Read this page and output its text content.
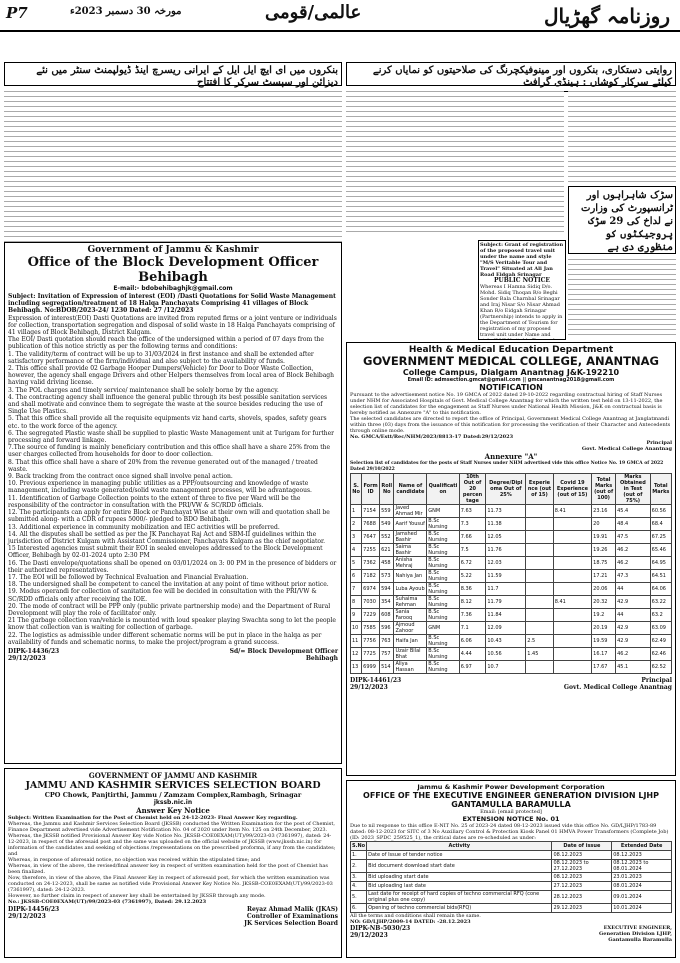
P7	مورخہ 30 دسمبر 2023ء	عالمی/قومی	روزنامہ گھڑیال
روایتی دستکاری، بنکروں اور مینوفیکچرنگ کی صلاحیتوں کو نمایاں کرنے کیلئے سرکار کوشاں : ہینڈی گرافٹ
بنکروں میں ای ایچ ایل ایل کے ایرانی ریسرچ اینڈ ڈیولپمنٹ سنٹر میں نئے دیزائن اور سپسٹ سرکر کا افتتاح
سڑک شاہراہوں اور ٹرانسپورٹ کی وزارت نے لداخ کی 29 سڑک پروجیکٹوں کو منظوری دی ہے
Subject: Grant of registration of the proposed travel unit under the name and style "M/S Veritable Tour and Travel" Situated at Ali Jan Road Eidgah Srinagar
PUBLIC NOTICE
Whereas I Hamna Sidiq D/o. Mohd. Sidiq Thoqan R/o Beghi Sonder Bala Charnbal Srinagar and Iraj Nisar S/o Nisar Ahmad Khan R/o Eidgah Srinagar (Partnership) intends to apply in the Department of Tourism for registration of my proposed travel unit under Name and
Government of Jammu & Kashmir
Office of the Block Development Officer Behibagh
E-mail:- bdobehibaghjk@gmail.com
Subject: Invitation of Expression of interest (EOI) /Dasti Quotations for Solid Waste Management including segregation/treatment of 18 Halqa Panchayats Comprising 41 villages of Block Behibagh. No:BDOB/2023-24/ 1230 Dated: 27 /12/2023
Expression of interest(EOI) Dasti Quotations are invited from reputed firms or a joint venture or individuals for collection, transportation segregation and disposal of solid waste in 18 Halqa Panchayats comprising of 41 villages of Block Behibagh, District Kulgam.
The EOI/ Dasti quotation should reach the office of the undersigned within a period of 07 days from the publication of this notice strictly as per the following terms and conditions:
1. The validity/term of contract will be up to 31/03/2024 in first instance and shall be extended after satisfactory performance of the firm/individual and also subject to the availability of funds.
2. This office shall provide 02 Garbage Hooper Dumpers(Vehicle) for Door to Door Waste Collection, however, the agency shall engage Drivers and other Helpers themselves from local area of Block Behibagh having valid driving license.
3. The POL charges and timely service/ maintenance shall be solely borne by the agency.
4. The contracting agency shall influence the general public through its best possible sanitation services and shall motivate and convince them to segregate the waste at the source besides reducing the use of Single Use Plastics.
5. That this office shall provide all the requisite equipments viz hand carts, shovels, spades, safety gears etc. to the work force of the agency.
6. The segregated Plastic waste shall be supplied to plastic Waste Management unit at Turigam for further processing and forward linkage.
7.The source of funding is mainly beneficiary contribution and this office shall have a share 25% from the user charges collected from households for door to door collection.
8. That this office shall have a share of 20% from the revenue generated out of the managed / treated waste.
9. Back tracking from the contract once signed shall involve penal action.
10. Previous experience in managing public utilities as a PPP/outsourcing and knowledge of waste management, including waste generated/solid waste management processes, will be advantageous.
11. Identification of Garbage Collection points to the extent of three to five per Ward will be the responsibility of the contractor in consultation with the PRI/VW & SC/RDD officials.
12. The participants can apply for entire Block or Panchayat Wise at their own will and quotation shall be submitted along- with a CDR of rupees 5000/- pledged to BDO Behibagh.
13. Additional experience in community mobilization and IEC activities will be preferred.
14. All the disputes shall be settled as per the JK Panchayat Raj Act and SBM-II guidelines within the jurisdiction of District Kulgam with Assistant Commissioner, Panchayats Kulgam as the chief negotiator.
15 Interested agencies must submit their EOI in sealed envelopes addressed to the Block Development Officer, Behibagh by 02-01-2024 upto 2:30 PM
16. The Dasti envelope/quotations shall be opened on 03/01/2024 on 3: 00 PM in the presence of bidders or their authorized representatives.
17. The EOI will be followed by Technical Evaluation and Financial Evaluation.
18. The undersigned shall be competent to cancel the invitation at any point of time without prior notice.
19. Modus operandi for collection of sanitation fee will be decided in consultation with the PRI/VW & SC/RDD officials only after receiving the IOE.
20. The mode of contract will be PPP only (public private partnership mode) and the Department of Rural Development will play the role of facilitator only.
21 The garbage collection van/vehicle is mounted with loud speaker playing Swachta song to let the people know that collection van is waiting for collection of garbage.
22. The logistics as admissible under different schematic norms will be put in place in the halqa as per availability of funds and schematic norms, to make the project/program a grand success.
DIPK-14436/23	Sd/= Block Development Officer
29/12/2023	Behibagh
Health & Medical Education Department
GOVERNMENT MEDICAL COLLEGE, ANANTNAG
College Campus, Dialgam Anantnag J&K-192210
Email ID: admsection.gmcat@gmail.com || gmcanantnag2018@gmail.com
NOTIFICATION
Pursuant to the advertisement notice No. 19 GMCA of 2022 dated 29-10-2022 regarding contractual hiring of Staff Nurses under NHM for Associated Hospitals of Govt. Medical College Anantnag for which the written test held on 13-11-2022, the selection list of candidates for the engagement as Staff Nurses under National Health Mission, J&K on contractual basis is hereby notified as Annexure "A" to this notification.
The selected candidates are directed to report the office of Principal, Government Medical College Anantnag at Janglatmandi within three (03) days from the issuance of this notification for processing the verification of their Character and Antecedents through online mode.
No. GMCA/Estt/Rec/NHM/2023/8813-17 Dated:29/12/2023
Principal
Govt. Medical College Anantnag
Annexure "A"
Selection list of candidates for the posts of Staff Nurses under NHM advertised vide this office Notice No. 19 GMCA of 2022 Dated 29/10/2022
S. No	Form ID	Roll No	Name of candidate	Qualificati on	10th Out of 20 percen tage	Degree/Dipl oma Out of 25%	Experie nce (out of 15)	Covid 19 Experience (out of 15)	Total Marks (out of 100)	Marks Obtained in Test (out of 75%)	Total Marks
1	7154	559	Javed Ahmad Mir	GNM	7.63	11.73		8.41	23.16	45.4	60.56
2	7688	549	Aarif Yousuf	B.Sc Nursing	7.3	11.38			20	48.4	68.4
3	7647	552	Jamshed Bashir	B.Sc Nursing	7.66	12.05			19.91	47.5	67.25
4	7255	621	Saima Bashir	B.Sc Nursing	7.5	11.76			19.26	46.2	65.46
5	7362	458	Anisha Mehraj	B.Sc Nursing	6.72	12.03			18.75	46.2	64.95
6	7182	573	Nahiya Jan	B.Sc Nursing	5.22	11.59			17.21	47.3	64.51
7	6974	594	Luba Ayoub	B.Sc Nursing	8.36	11.7			20.06	44	64.06
8	7030	354	Suhaima Rehman	B.Sc Nursing	8.12	11.79		8.41	20.32	42.9	63.22
9	7229	608	Sania Farooq	B.Sc Nursing	7.36	11.84			19.2	44	63.2
10	7585	596	Ajmoud Zahoor	GNM	7.1	12.09			20.19	42.9	63.09
11	7756	763	Haifa Jan	B.Sc Nursing	6.06	10.43	2.5		19.59	42.9	62.49
12	7725	757	Uzair Bilal Bhat	B.Sc Nursing	4.44	10.56	1.45		16.17	46.2	62.46
13	6999	514	Aliya Hassan	B.Sc Nursing	6.97	10.7			17.67	45.1	62.52
DIPK-14461/23	Principal
29/12/2023	Govt. Medical College Anantnag
GOVERNMENT OF JAMMU AND KASHMIR
JAMMU AND KASHMIR SERVICES SELECTION BOARD
CPO Chowk, Panjtirthi, Jammu / Zamzam Complex,Rambagh, Srinagar
jkssb.nic.in
Answer Key Notice
Subject: Written Examination for the Post of Chemist held on 24-12-2023- Final Answer Key regarding.
Whereas, the Jammu and Kashmir Services Selection Board (JKSSB) conducted the Written Examination for the post of Chemist, Finance Department advertised vide Advertisement Notification No. 04 of 2020 under Item No. 125 on 24th December, 2023.
Whereas, the JKSSB notified Provisional Answer Key vide Notice No. JKSSB-COE0EXAM(UT)/99/2023-03 (7361997), dated: 24-12-2023, in respect of the aforesaid post and the same was uploaded on the official website of JKSSB (www.jkssb.nic.in) for information of the candidates and seeking of objections /representations on the prescribed proforma, if any from the candidates; and
Whereas, in response of aforesaid notice, no objection was received within the stipulated time; and
Whereas, in view of the above, the revised/final answer key in respect of written examination held for the post of Chemist has been finalized.
Now, therefore, in view of the above, the Final Answer Key in respect of aforesaid post, for which the written examination was conducted on 24-12-2023, shall be same as notified vide Provisional Answer Key Notice No. JKSSB-COE0EXAM(UT)/99/2023-03 (7361997), dated: 24-12-2023.
However, no further claim in respect of answer key shall be entertained by JKSSB through any mode.
No.: JKSSB-COE0EXAM(UT)/99/2023-03 (7361997), Dated: 29.12.2023
DIPK-14456/23
29/12/2023
Reyaz Ahmad Malik (JKAS)
Controller of Examinations
JK Services Selection Board
Jammu & Kashmir Power Development Corporation
OFFICE OF THE EXECUTIVE ENGINEER GENERATION DIVISION LJHP GANTAMULLA BARAMULLA
Email: [email protected]
EXTENSION NOTICE No. 01
Due to nil response to this office E-NIT No. 25 of 2023-24 dated 08-12-2023 issued vide this office No. GD/LJHP/1783-89 dated: 08-12-2023 for SITC of 3 No Auxiliary Control & Protection Kiosk Panel 01 HMVA Power Transformers (Complete Job) (ID: 2023_SPDC_259525_1), the critical dates are re-scheduled as under:
S.No	Activity	Date of issue	Extended Date
1.	Date of Issue of tender notice	08.12.2023	08.12.2023
2.	Bid document download start date	08.12.2023 to 27.12.2023	08.12.2023 to 08.01.2024
3.	Bid uploading start date	08.12.2023	23.01.2023
4.	Bid uploading last date	27.12.2023	08.01.2024
5.	Last date for receipt of hard copies of techno commercial RFQ (cone original plus one copy)	28.12.2023	09.01.2024
6.	Opening of techno commercial bids(RFQ)	29.12.2023	10.01.2024
All the terms and conditions shall remain the same.
NO: GD/LJHP/2009-14 DATED: -28.12.2023
DIPK-NB-5030/23
29/12/2023
EXECUTIVE ENGINEER,
Generation Division LJHP,
Gantamulla Baramulla
